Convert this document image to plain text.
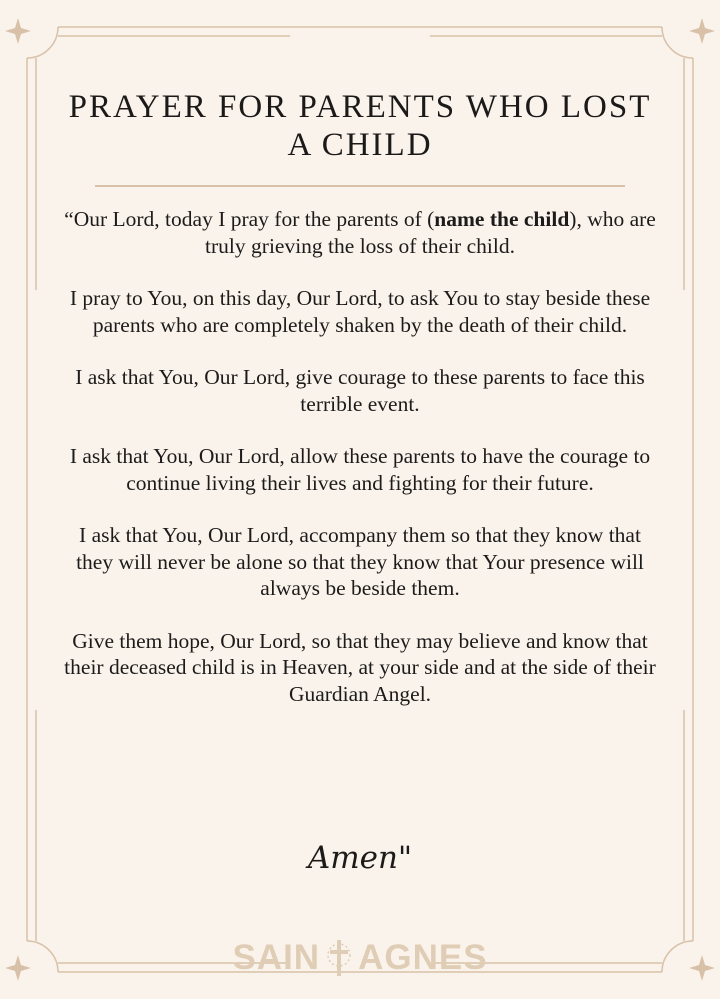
PRAYER FOR PARENTS WHO LOST
A CHILD

“Our Lord, today I pray for the parents of (name the child), who are truly grieving the loss of their child.

I pray to You, on this day, Our Lord, to ask You to stay beside these parents who are completely shaken by the death of their child.

I ask that You, Our Lord, give courage to these parents to face this terrible event.

I ask that You, Our Lord, allow these parents to have the courage to continue living their lives and fighting for their future.

I ask that You, Our Lord, accompany them so that they know that they will never be alone so that they know that Your presence will always be beside them.

Give them hope, Our Lord, so that they may believe and know that their deceased child is in Heaven, at your side and at the side of their Guardian Angel.

Amen"
SAIN AGNES
